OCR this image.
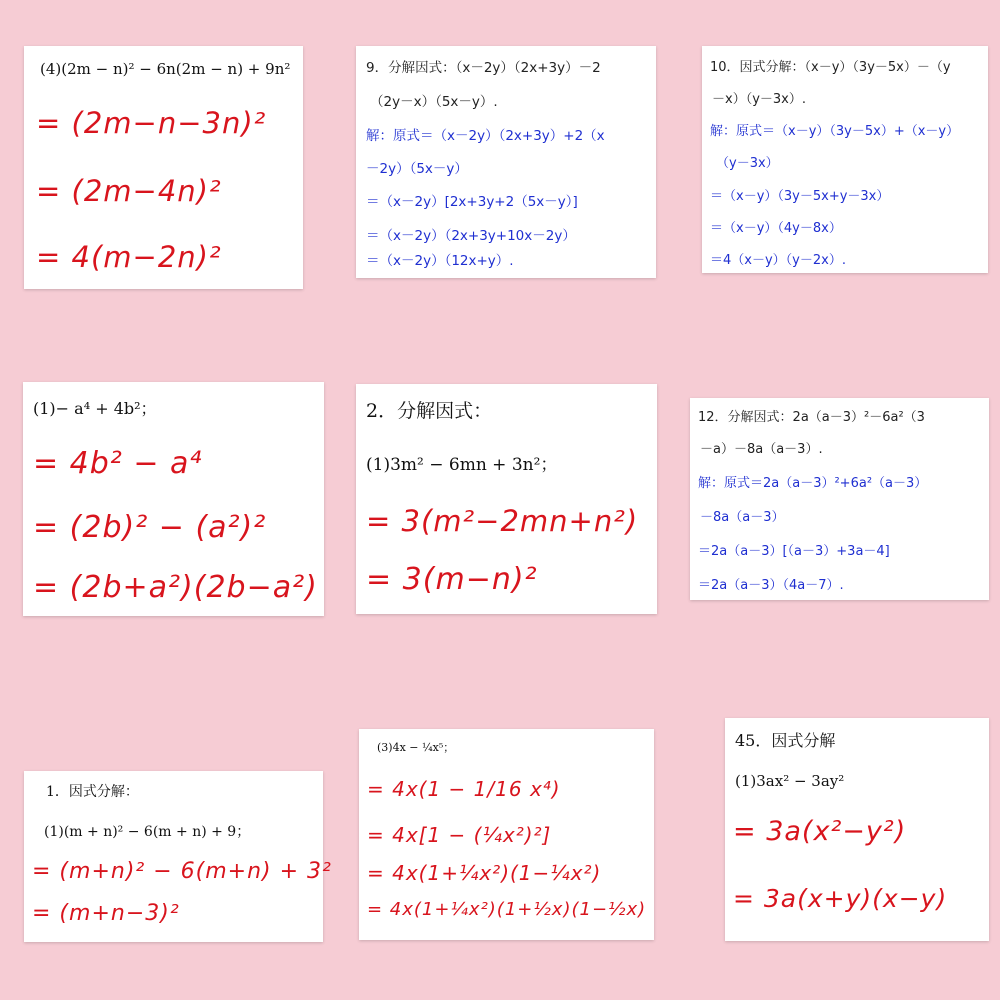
(4)(2m − n)² − 6n(2m − n) + 9n²
= (2m−n−3n)²
= (2m−4n)²
= 4(m−2n)²
9．分解因式：（x－2y）（2x+3y）－2
（2y－x）（5x－y）.
解：原式＝（x－2y）（2x+3y）+2（x
－2y）（5x－y）
＝（x－2y）[2x+3y+2（5x－y）]
＝（x－2y）（2x+3y+10x－2y）
＝（x－2y）（12x+y）.
10．因式分解：（x－y）（3y－5x）－（y
－x）（y－3x）.
解：原式＝（x－y）（3y－5x）+（x－y）
（y－3x）
＝（x－y）（3y－5x+y－3x）
＝（x－y）（4y－8x）
＝4（x－y）（y－2x）.
(1)− a⁴ + 4b²；
= 4b² − a⁴
= (2b)² − (a²)²
= (2b+a²)(2b−a²)
2．分解因式：
(1)3m² − 6mn + 3n²；
= 3(m²−2mn+n²)
= 3(m−n)²
12．分解因式：2a（a－3）²－6a²（3
－a）－8a（a－3）.
解：原式＝2a（a－3）²+6a²（a－3）
－8a（a－3）
＝2a（a－3）[（a－3）+3a－4]
＝2a（a－3）（4a－7）.
1．因式分解：
(1)(m + n)² − 6(m + n) + 9；
= (m+n)² − 6(m+n) + 3²
= (m+n−3)²
(3)4x − ¼x⁵；
= 4x(1 − 1/16 x⁴)
= 4x[1 − (¼x²)²]
= 4x(1+¼x²)(1−¼x²)
= 4x(1+¼x²)(1+½x)(1−½x)
45．因式分解
(1)3ax² − 3ay²
= 3a(x²−y²)
= 3a(x+y)(x−y)
